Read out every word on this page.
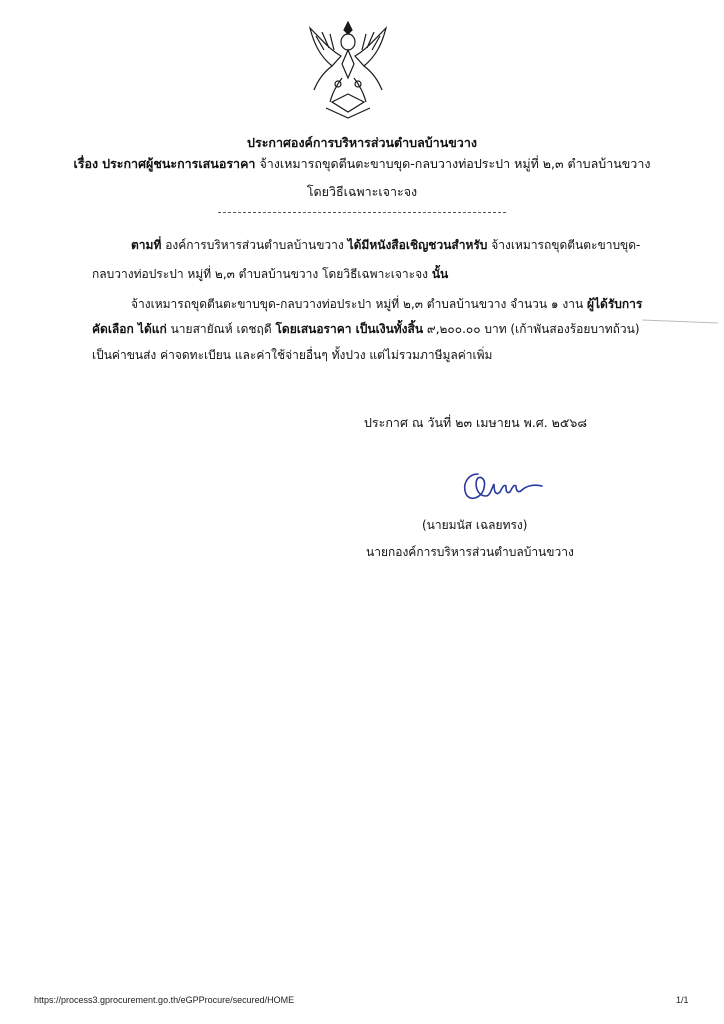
ประกาศองค์การบริหารส่วนตำบลบ้านขวาง
เรื่อง ประกาศผู้ชนะการเสนอราคา จ้างเหมารถขุดตีนตะขาบขุด-กลบวางท่อประปา หมู่ที่ ๒,๓ ตำบลบ้านขวาง
โดยวิธีเฉพาะเจาะจง
ตามที่ องค์การบริหารส่วนตำบลบ้านขวาง ได้มีหนังสือเชิญชวนสำหรับ จ้างเหมารถขุดตีนตะขาบขุด-
กลบวางท่อประปา หมู่ที่ ๒,๓ ตำบลบ้านขวาง โดยวิธีเฉพาะเจาะจง นั้น
จ้างเหมารถขุดตีนตะขาบขุด-กลบวางท่อประปา หมู่ที่ ๒,๓ ตำบลบ้านขวาง จำนวน ๑ งาน ผู้ได้รับการ
คัดเลือก ได้แก่ นายสายัณห์ เดชฤดี โดยเสนอราคา เป็นเงินทั้งสิ้น ๙,๒๐๐.๐๐ บาท (เก้าพันสองร้อยบาทถ้วน)
เป็นค่าขนส่ง ค่าจดทะเบียน และค่าใช้จ่ายอื่นๆ ทั้งปวง แต่ไม่รวมภาษีมูลค่าเพิ่ม
ประกาศ ณ วันที่ ๒๓ เมษายน พ.ศ. ๒๕๖๘
(นายมนัส เฉลยทรง)
นายกองค์การบริหารส่วนตำบลบ้านขวาง
https://process3.gprocurement.go.th/eGPProcure/secured/HOME	1/1
